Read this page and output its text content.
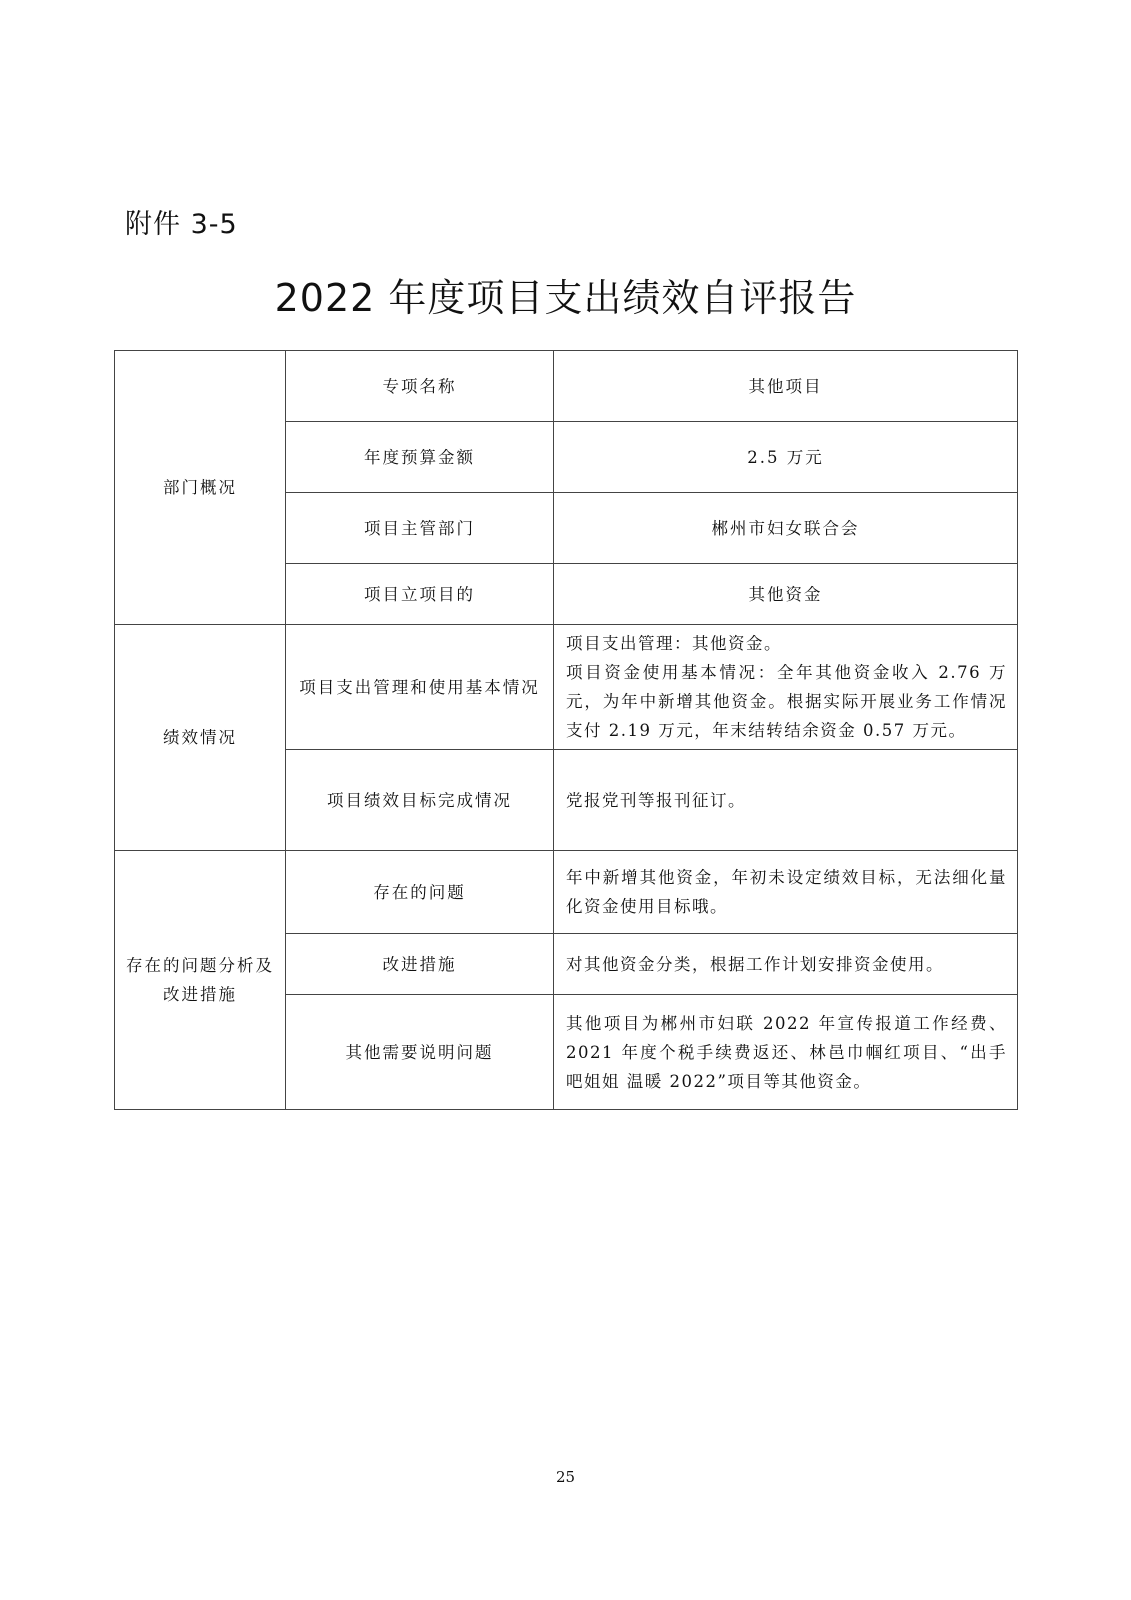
附件 3-5
2022 年度项目支出绩效自评报告
部门概况	专项名称	其他项目
	年度预算金额	2.5 万元
	项目主管部门	郴州市妇女联合会
	项目立项目的	其他资金
绩效情况	项目支出管理和使用基本情况	项目支出管理：其他资金。
项目资金使用基本情况：全年其他资金收入 2.76 万元，为年中新增其他资金。根据实际开展业务工作情况支付 2.19 万元，年末结转结余资金 0.57 万元。

	项目绩效目标完成情况	党报党刊等报刊征订。

存在的问题分析及
改进措施	存在的问题	年中新增其他资金，年初未设定绩效目标，无法细化量化资金使用目标哦。
	改进措施	对其他资金分类，根据工作计划安排资金使用。
	其他需要说明问题	其他项目为郴州市妇联 2022 年宣传报道工作经费、2021 年度个税手续费返还、林邑巾帼红项目、“出手吧姐姐 温暖 2022”项目等其他资金。
25
